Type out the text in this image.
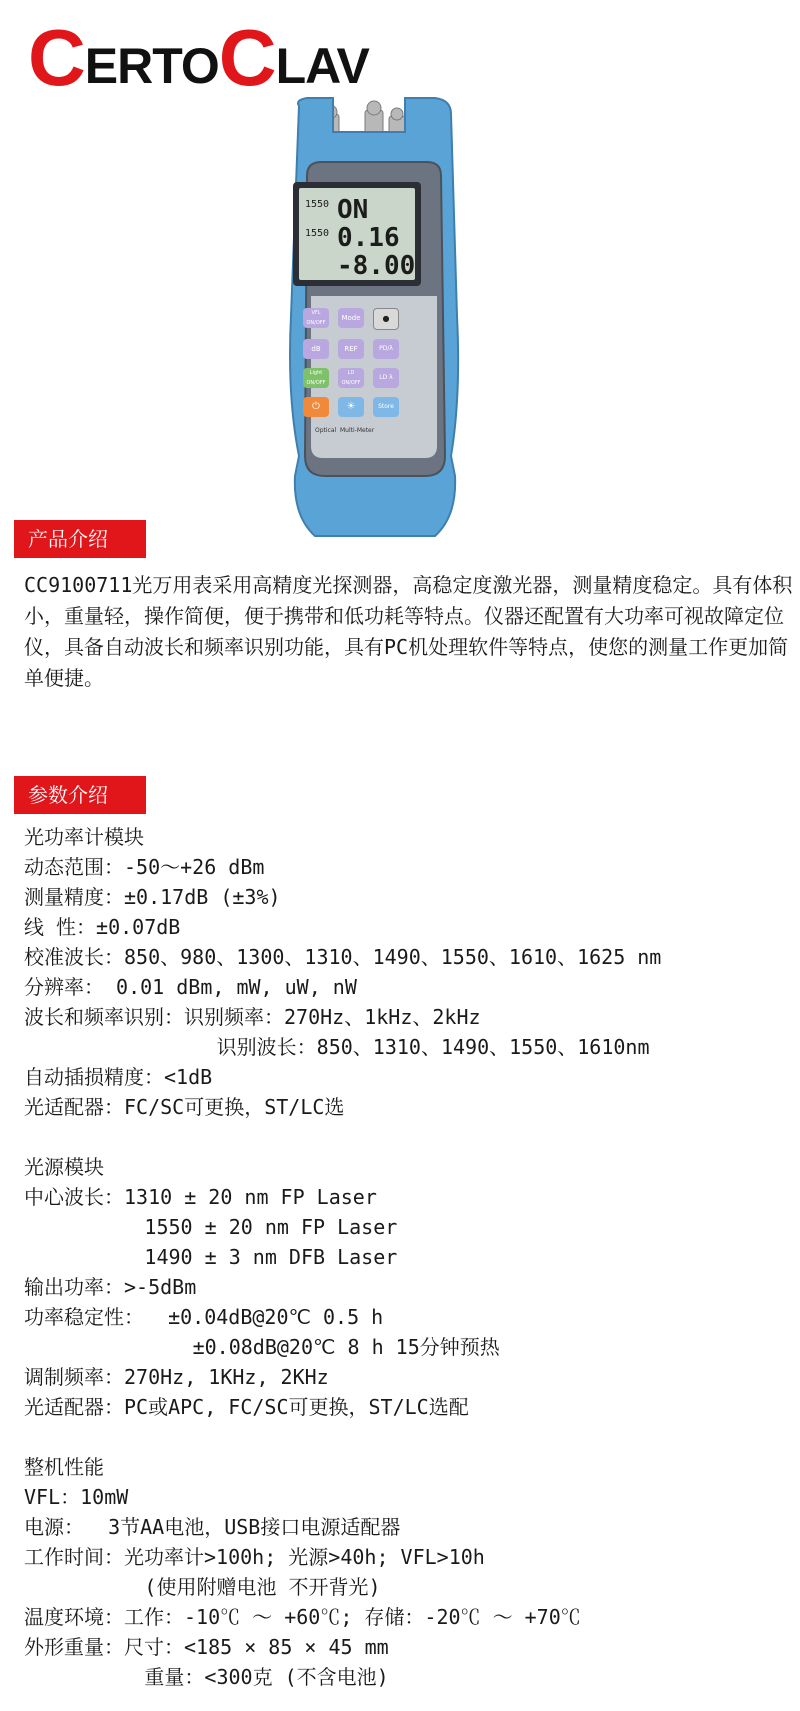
C ERTO C LAV
1550 ON
1550 0.16
-8.00
VFL ON/OFF
Mode	●
dB	REF	PD/λ
Light ON/OFF
LD ON/OFF
LD λ
⏻	☀	Store
Optical  Multi-Meter
产品介绍
CC9100711光万用表采用高精度光探测器，高稳定度激光器，测量精度稳定。具有体积小，重量轻，操作简便，便于携带和低功耗等特点。仪器还配置有大功率可视故障定位仪，具备自动波长和频率识别功能，具有PC机处理软件等特点，使您的测量工作更加简单便捷。
参数介绍
光功率计模块
动态范围：-50～+26 dBm
测量精度：±0.17dB (±3%)
线 性：±0.07dB
校准波长：850、980、1300、1310、1490、1550、1610、1625 nm
分辨率： 0.01 dBm, mW, uW, nW
波长和频率识别：识别频率：270Hz、1kHz、2kHz
识别波长：850、1310、1490、1550、1610nm
自动插损精度：<1dB
光适配器：FC/SC可更换，ST/LC选
光源模块
中心波长：1310 ± 20 nm FP Laser
1550 ± 20 nm FP Laser
1490 ± 3 nm DFB Laser
输出功率：>-5dBm
功率稳定性：  ±0.04dB@20℃ 0.5 h
±0.08dB@20℃ 8 h 15分钟预热
调制频率：270Hz, 1KHz, 2KHz
光适配器：PC或APC, FC/SC可更换，ST/LC选配
整机性能
VFL：10mW
电源：  3节AA电池，USB接口电源适配器
工作时间：光功率计>100h; 光源>40h; VFL>10h
(使用附赠电池 不开背光)
温度环境：工作：-10℃ ～ +60℃; 存储：-20℃ ～ +70℃
外形重量：尺寸：<185 × 85 × 45 mm
重量：<300克 (不含电池)
